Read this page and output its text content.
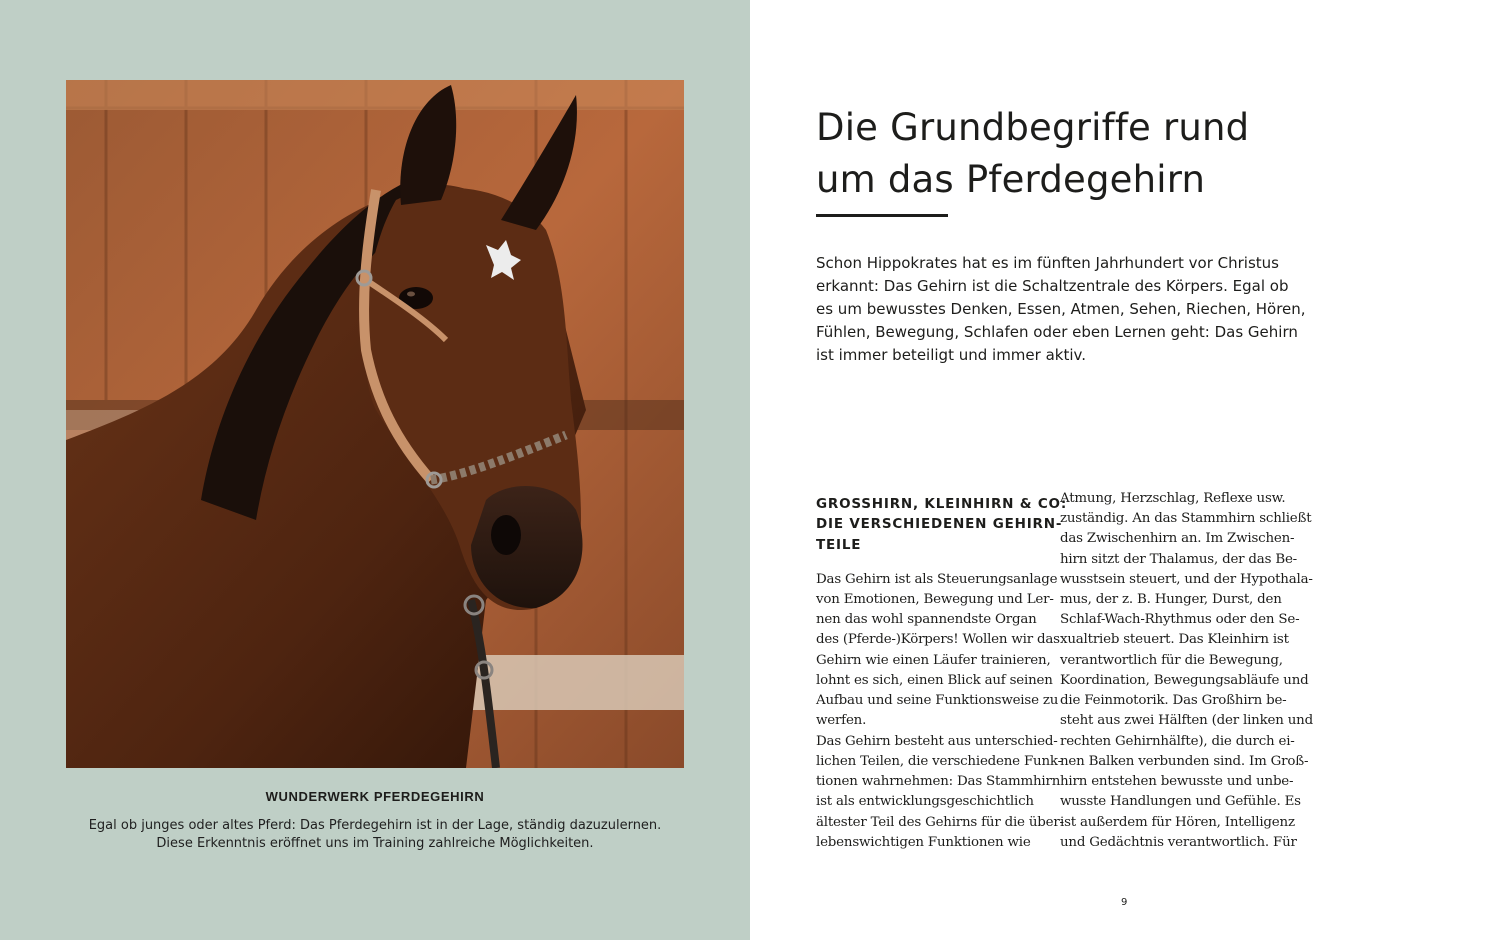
WUNDERWERK PFERDEGEHIRN
Egal ob junges oder altes Pferd: Das Pferdegehirn ist in der Lage, ständig dazuzulernen.
Diese Erkenntnis eröffnet uns im Training zahlreiche Möglichkeiten.
Die Grundbegriffe rund
um das Pferdegehirn
Schon Hippokrates hat es im fünften Jahrhundert vor Christus
erkannt: Das Gehirn ist die Schaltzentrale des Körpers. Egal ob
es um bewusstes Denken, Essen, Atmen, Sehen, Riechen, Hören,
Fühlen, Bewegung, Schlafen oder eben Lernen geht: Das Gehirn
ist immer beteiligt und immer aktiv.
GROSSHIRN, KLEINHIRN & CO:
DIE VERSCHIEDENEN GEHIRN-
TEILE
Das Gehirn ist als Steuerungsanlage
von Emotionen, Bewegung und Ler-
nen das wohl spannendste Organ
des (Pferde-)Körpers! Wollen wir das
Gehirn wie einen Läufer trainieren,
lohnt es sich, einen Blick auf seinen
Aufbau und seine Funktionsweise zu
werfen.
Das Gehirn besteht aus unterschied-
lichen Teilen, die verschiedene Funk-
tionen wahrnehmen: Das Stammhirn
ist als entwicklungsgeschichtlich
ältester Teil des Gehirns für die über-
lebenswichtigen Funktionen wie
Atmung, Herzschlag, Reflexe usw.
zuständig. An das Stammhirn schließt
das Zwischenhirn an. Im Zwischen-
hirn sitzt der Thalamus, der das Be-
wusstsein steuert, und der Hypothala-
mus, der z. B. Hunger, Durst, den
Schlaf-Wach-Rhythmus oder den Se-
xualtrieb steuert. Das Kleinhirn ist
verantwortlich für die Bewegung,
Koordination, Bewegungsabläufe und
die Feinmotorik. Das Großhirn be-
steht aus zwei Hälften (der linken und
rechten Gehirnhälfte), die durch ei-
nen Balken verbunden sind. Im Groß-
hirn entstehen bewusste und unbe-
wusste Handlungen und Gefühle. Es
ist außerdem für Hören, Intelligenz
und Gedächtnis verantwortlich. Für
9
